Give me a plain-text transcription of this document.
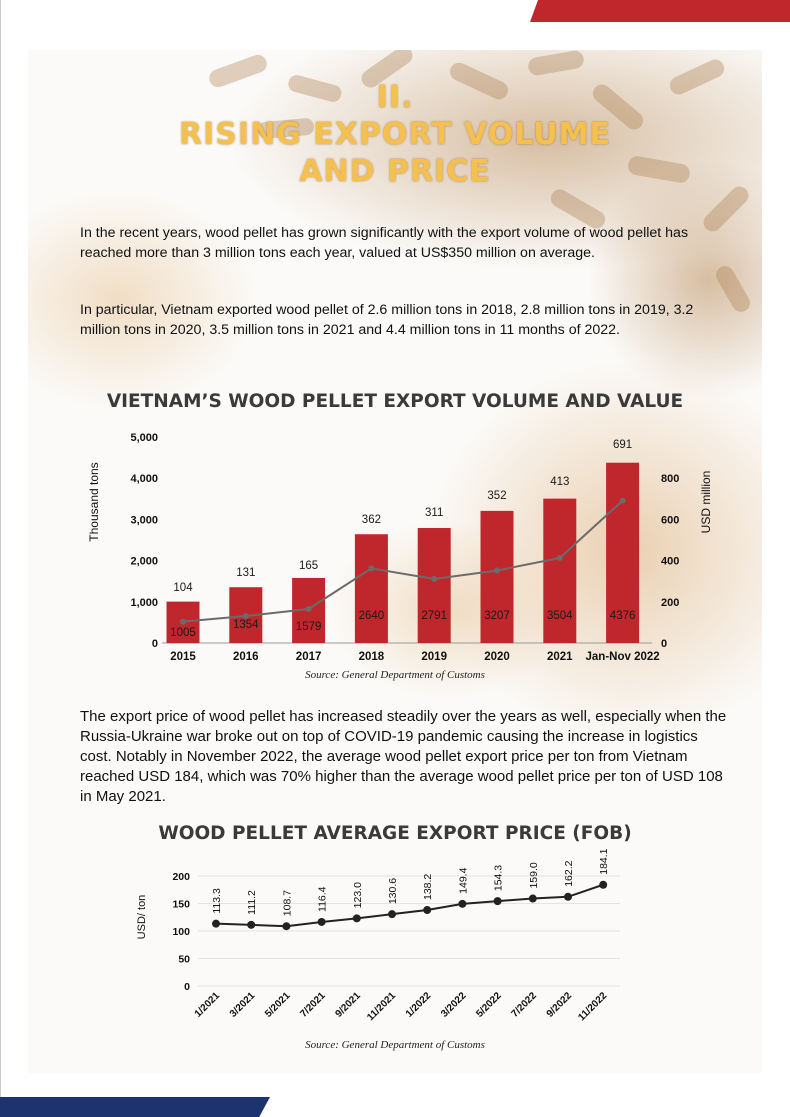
II.
RISING EXPORT VOLUME
AND PRICE
In the recent years, wood pellet has grown significantly with the export volume of wood pellet has reached more than 3 million tons each year, valued at US$350 million on average.
In particular, Vietnam exported wood pellet of 2.6 million tons in 2018, 2.8 million tons in 2019, 3.2 million tons in 2020, 3.5 million tons in 2021 and 4.4 million tons in 11 months of 2022.
VIETNAM’S WOOD PELLET EXPORT VOLUME AND VALUE
0
1,000
2,000
3,000
4,000
5,000
0
200
400
600
800
Thousand tons	USD million
1005
2015
1354
2016
1579
2017
2640
2018
2791
2019
3207
2020
3504
2021
4376
Jan-Nov 2022
104
131
165
362
311
352
413
691
Source: General Department of Customs
The export price of wood pellet has increased steadily over the years as well, especially when the Russia-Ukraine war broke out on top of COVID-19 pandemic causing the increase in logistics cost. Notably in November 2022, the average wood pellet export price per ton from Vietnam reached USD 184, which was 70% higher than the average wood pellet price per ton of USD 108 in May 2021.
WOOD PELLET AVERAGE EXPORT PRICE (FOB)
0
50
100
150
200
USD/ ton	113.3
1/2021
111.2
3/2021
108.7
5/2021
116.4
7/2021
123.0
9/2021
130.6
11/2021
138.2
1/2022
149.4
3/2022
154.3
5/2022
159.0
7/2022
162.2
9/2022
184.1
11/2022
Source: General Department of Customs
